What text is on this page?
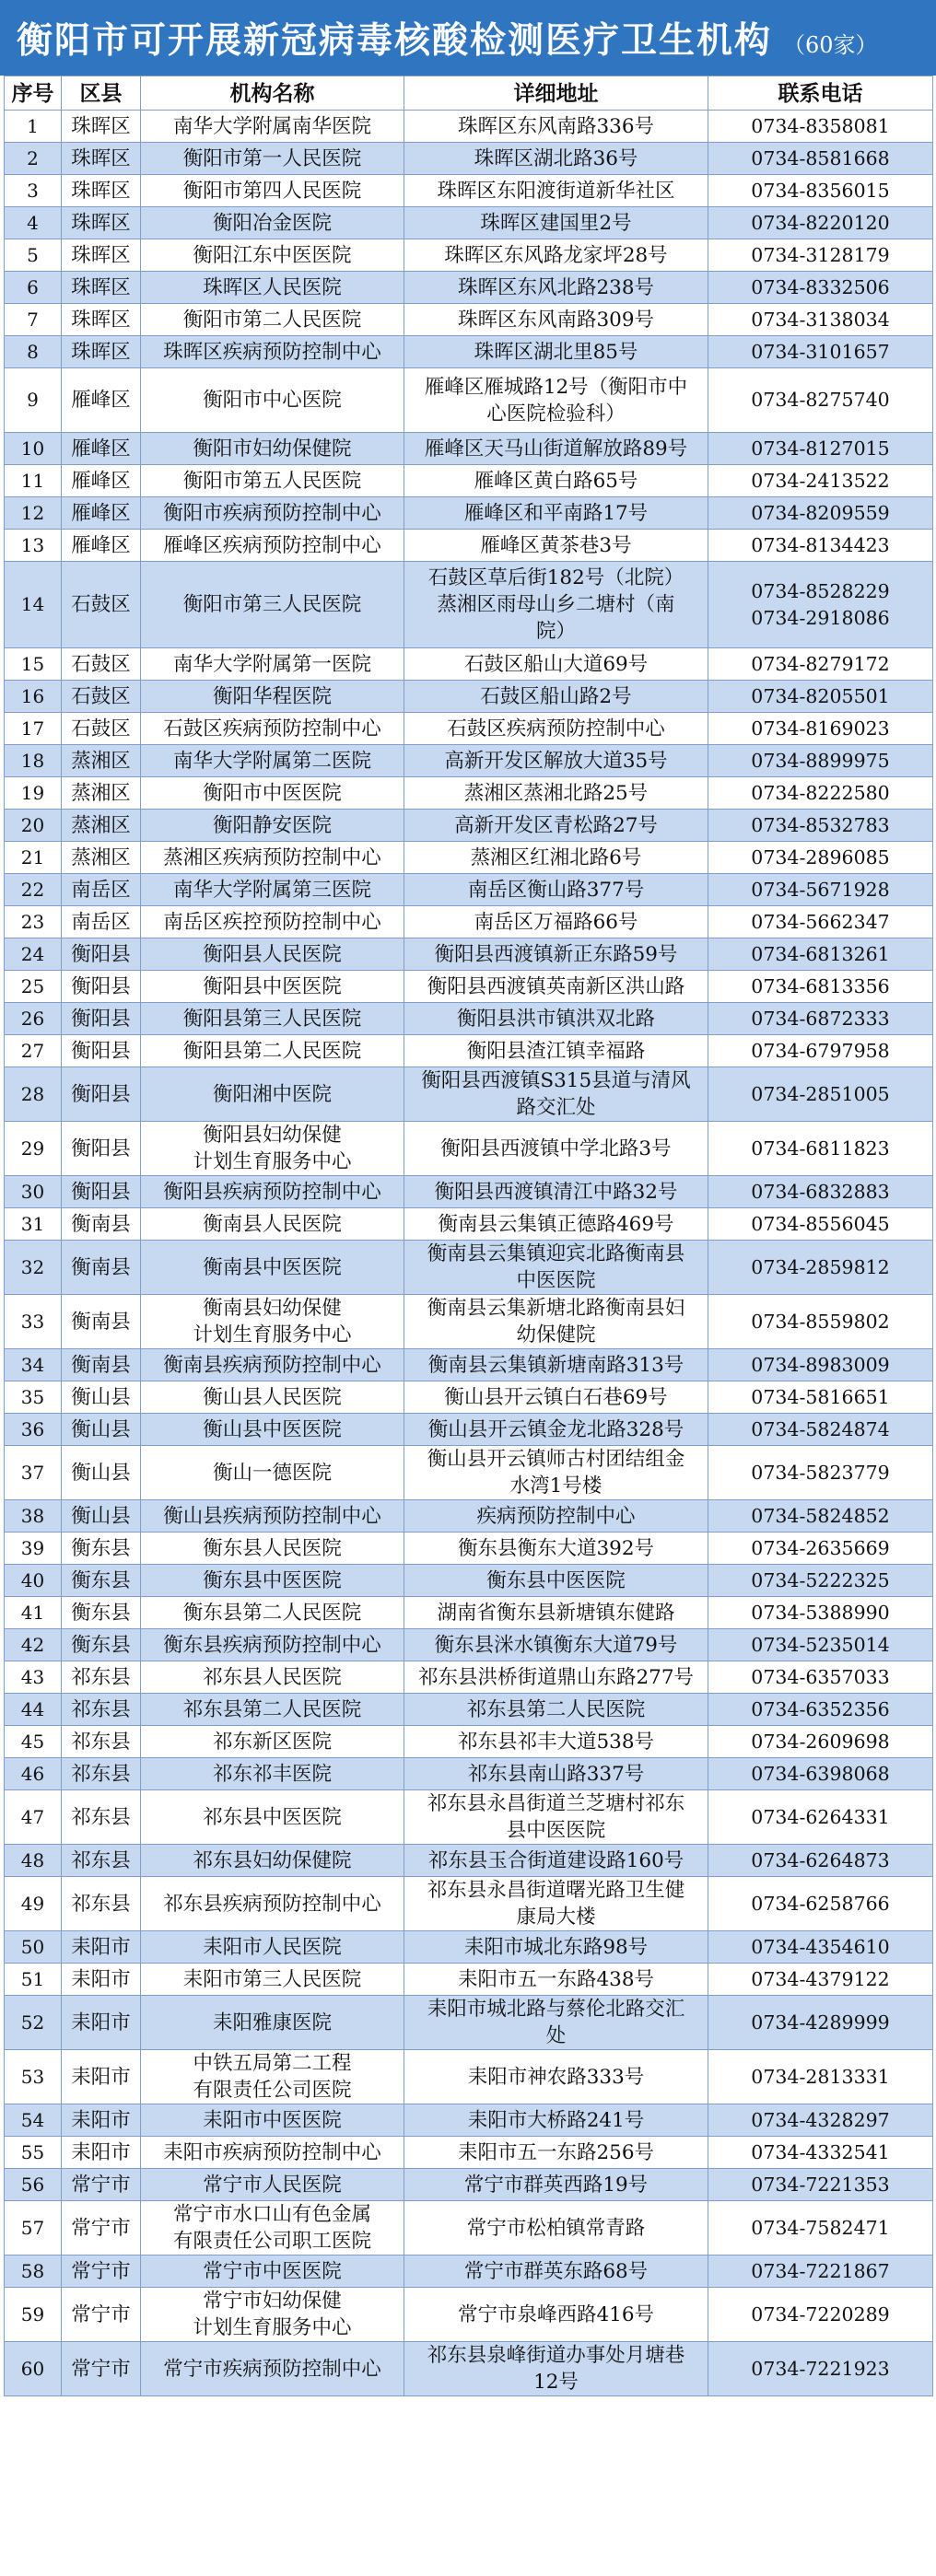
衡阳市可开展新冠病毒核酸检测医疗卫生机构 （60家）
序号	区县	机构名称	详细地址	联系电话
1	珠晖区	南华大学附属南华医院	珠晖区东风南路336号	0734-8358081
2	珠晖区	衡阳市第一人民医院	珠晖区湖北路36号	0734-8581668
3	珠晖区	衡阳市第四人民医院	珠晖区东阳渡街道新华社区	0734-8356015
4	珠晖区	衡阳冶金医院	珠晖区建国里2号	0734-8220120
5	珠晖区	衡阳江东中医医院	珠晖区东风路龙家坪28号	0734-3128179
6	珠晖区	珠晖区人民医院	珠晖区东风北路238号	0734-8332506
7	珠晖区	衡阳市第二人民医院	珠晖区东风南路309号	0734-3138034
8	珠晖区	珠晖区疾病预防控制中心	珠晖区湖北里85号	0734-3101657
9	雁峰区	衡阳市中心医院	雁峰区雁城路12号（衡阳市中
心医院检验科）	0734-8275740
10	雁峰区	衡阳市妇幼保健院	雁峰区天马山街道解放路89号	0734-8127015
11	雁峰区	衡阳市第五人民医院	雁峰区黄白路65号	0734-2413522
12	雁峰区	衡阳市疾病预防控制中心	雁峰区和平南路17号	0734-8209559
13	雁峰区	雁峰区疾病预防控制中心	雁峰区黄茶巷3号	0734-8134423
14	石鼓区	衡阳市第三人民医院	石鼓区草后街182号（北院）
蒸湘区雨母山乡二塘村（南
院）	0734-8528229
0734-2918086
15	石鼓区	南华大学附属第一医院	石鼓区船山大道69号	0734-8279172
16	石鼓区	衡阳华程医院	石鼓区船山路2号	0734-8205501
17	石鼓区	石鼓区疾病预防控制中心	石鼓区疾病预防控制中心	0734-8169023
18	蒸湘区	南华大学附属第二医院	高新开发区解放大道35号	0734-8899975
19	蒸湘区	衡阳市中医医院	蒸湘区蒸湘北路25号	0734-8222580
20	蒸湘区	衡阳静安医院	高新开发区青松路27号	0734-8532783
21	蒸湘区	蒸湘区疾病预防控制中心	蒸湘区红湘北路6号	0734-2896085
22	南岳区	南华大学附属第三医院	南岳区衡山路377号	0734-5671928
23	南岳区	南岳区疾控预防控制中心	南岳区万福路66号	0734-5662347
24	衡阳县	衡阳县人民医院	衡阳县西渡镇新正东路59号	0734-6813261
25	衡阳县	衡阳县中医医院	衡阳县西渡镇英南新区洪山路	0734-6813356
26	衡阳县	衡阳县第三人民医院	衡阳县洪市镇洪双北路	0734-6872333
27	衡阳县	衡阳县第二人民医院	衡阳县渣江镇幸福路	0734-6797958
28	衡阳县	衡阳湘中医院	衡阳县西渡镇S315县道与清风
路交汇处	0734-2851005
29	衡阳县	衡阳县妇幼保健
计划生育服务中心	衡阳县西渡镇中学北路3号	0734-6811823
30	衡阳县	衡阳县疾病预防控制中心	衡阳县西渡镇清江中路32号	0734-6832883
31	衡南县	衡南县人民医院	衡南县云集镇正德路469号	0734-8556045
32	衡南县	衡南县中医医院	衡南县云集镇迎宾北路衡南县
中医医院	0734-2859812
33	衡南县	衡南县妇幼保健
计划生育服务中心	衡南县云集新塘北路衡南县妇
幼保健院	0734-8559802
34	衡南县	衡南县疾病预防控制中心	衡南县云集镇新塘南路313号	0734-8983009
35	衡山县	衡山县人民医院	衡山县开云镇白石巷69号	0734-5816651
36	衡山县	衡山县中医医院	衡山县开云镇金龙北路328号	0734-5824874
37	衡山县	衡山一德医院	衡山县开云镇师古村团结组金
水湾1号楼	0734-5823779
38	衡山县	衡山县疾病预防控制中心	疾病预防控制中心	0734-5824852
39	衡东县	衡东县人民医院	衡东县衡东大道392号	0734-2635669
40	衡东县	衡东县中医医院	衡东县中医医院	0734-5222325
41	衡东县	衡东县第二人民医院	湖南省衡东县新塘镇东健路	0734-5388990
42	衡东县	衡东县疾病预防控制中心	衡东县洣水镇衡东大道79号	0734-5235014
43	祁东县	祁东县人民医院	祁东县洪桥街道鼎山东路277号	0734-6357033
44	祁东县	祁东县第二人民医院	祁东县第二人民医院	0734-6352356
45	祁东县	祁东新区医院	祁东县祁丰大道538号	0734-2609698
46	祁东县	祁东祁丰医院	祁东县南山路337号	0734-6398068
47	祁东县	祁东县中医医院	祁东县永昌街道兰芝塘村祁东
县中医医院	0734-6264331
48	祁东县	祁东县妇幼保健院	祁东县玉合街道建设路160号	0734-6264873
49	祁东县	祁东县疾病预防控制中心	祁东县永昌街道曙光路卫生健
康局大楼	0734-6258766
50	耒阳市	耒阳市人民医院	耒阳市城北东路98号	0734-4354610
51	耒阳市	耒阳市第三人民医院	耒阳市五一东路438号	0734-4379122
52	耒阳市	耒阳雅康医院	耒阳市城北路与蔡伦北路交汇
处	0734-4289999
53	耒阳市	中铁五局第二工程
有限责任公司医院	耒阳市神农路333号	0734-2813331
54	耒阳市	耒阳市中医医院	耒阳市大桥路241号	0734-4328297
55	耒阳市	耒阳市疾病预防控制中心	耒阳市五一东路256号	0734-4332541
56	常宁市	常宁市人民医院	常宁市群英西路19号	0734-7221353
57	常宁市	常宁市水口山有色金属
有限责任公司职工医院	常宁市松柏镇常青路	0734-7582471
58	常宁市	常宁市中医医院	常宁市群英东路68号	0734-7221867
59	常宁市	常宁市妇幼保健
计划生育服务中心	常宁市泉峰西路416号	0734-7220289
60	常宁市	常宁市疾病预防控制中心	祁东县泉峰街道办事处月塘巷
12号	0734-7221923
